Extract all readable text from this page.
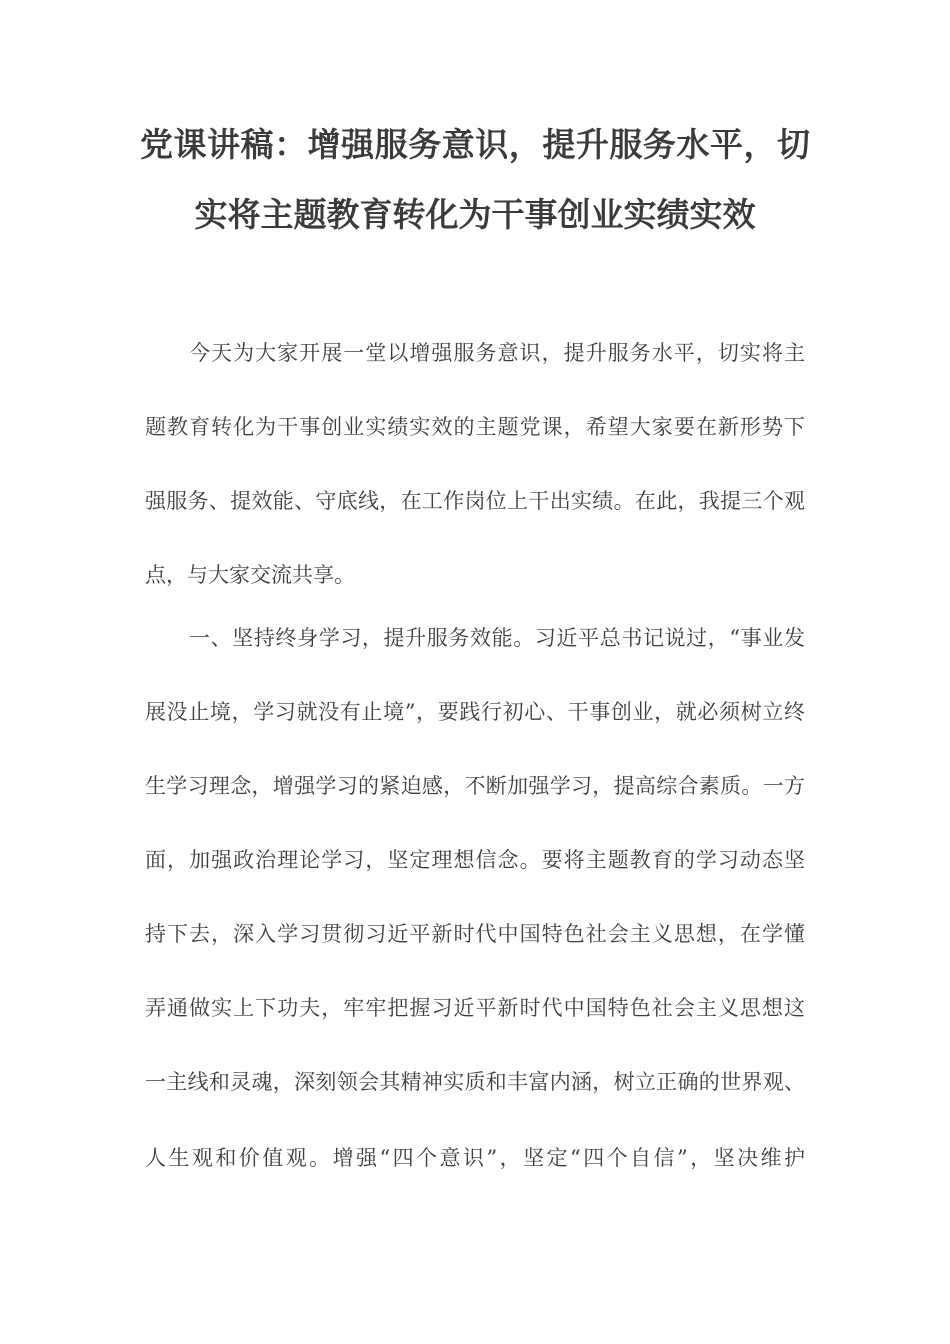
党课讲稿：增强服务意识，提升服务水平，切
实将主题教育转化为干事创业实绩实效
今天为大家开展一堂以增强服务意识，提升服务水平，切实将主
题教育转化为干事创业实绩实效的主题党课，希望大家要在新形势下
强服务、提效能、守底线，在工作岗位上干出实绩。在此，我提三个观
点，与大家交流共享。
一、坚持终身学习，提升服务效能。习近平总书记说过，“事业发
展没止境，学习就没有止境”，要践行初心、干事创业，就必须树立终
生学习理念，增强学习的紧迫感，不断加强学习，提高综合素质。一方
面，加强政治理论学习，坚定理想信念。要将主题教育的学习动态坚
持下去，深入学习贯彻习近平新时代中国特色社会主义思想，在学懂
弄通做实上下功夫，牢牢把握习近平新时代中国特色社会主义思想这
一主线和灵魂，深刻领会其精神实质和丰富内涵，树立正确的世界观、
人生观和价值观。增强“四个意识”，坚定“四个自信”，坚决维护
